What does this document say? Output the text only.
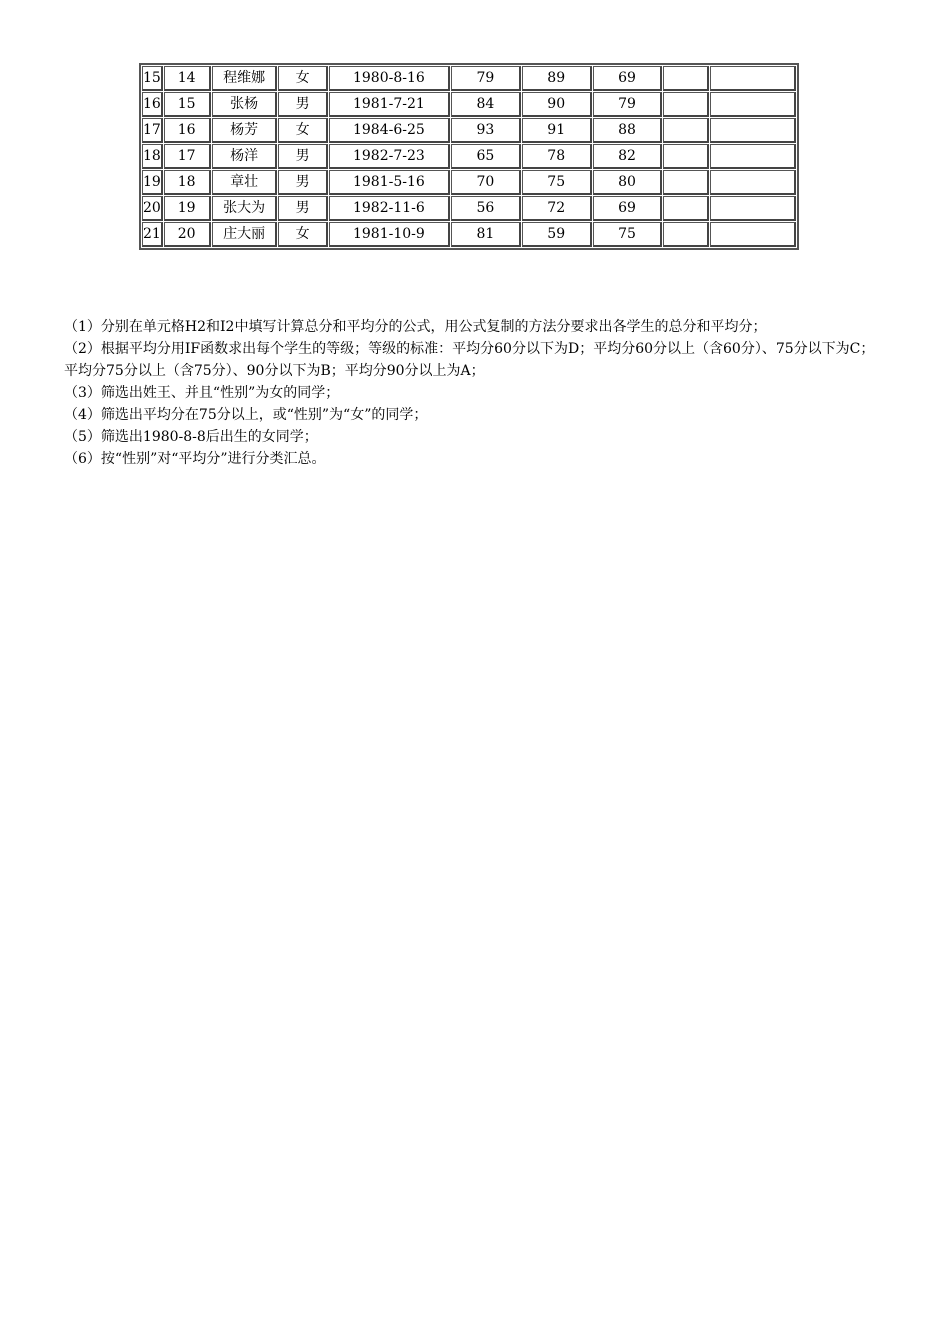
15	14	程维娜	女	1980-8-16	79	89	69		
16	15	张杨	男	1981-7-21	84	90	79		
17	16	杨芳	女	1984-6-25	93	91	88		
18	17	杨洋	男	1982-7-23	65	78	82		
19	18	章壮	男	1981-5-16	70	75	80		
20	19	张大为	男	1982-11-6	56	72	69		
21	20	庄大丽	女	1981-10-9	81	59	75		

（1）分别在单元格H2和I2中填写计算总分和平均分的公式，用公式复制的方法分要求出各学生的总分和平均分；

（2）根据平均分用IF函数求出每个学生的等级；等级的标准：平均分60分以下为D；平均分60分以上（含60分）、75分以下为C；平均分75分以上（含75分）、90分以下为B；平均分90分以上为A；

（3）筛选出姓王、并且“性别”为女的同学；

（4）筛选出平均分在75分以上，或“性别”为“女”的同学；

（5）筛选出1980-8-8后出生的女同学；

（6）按“性别”对“平均分”进行分类汇总。
